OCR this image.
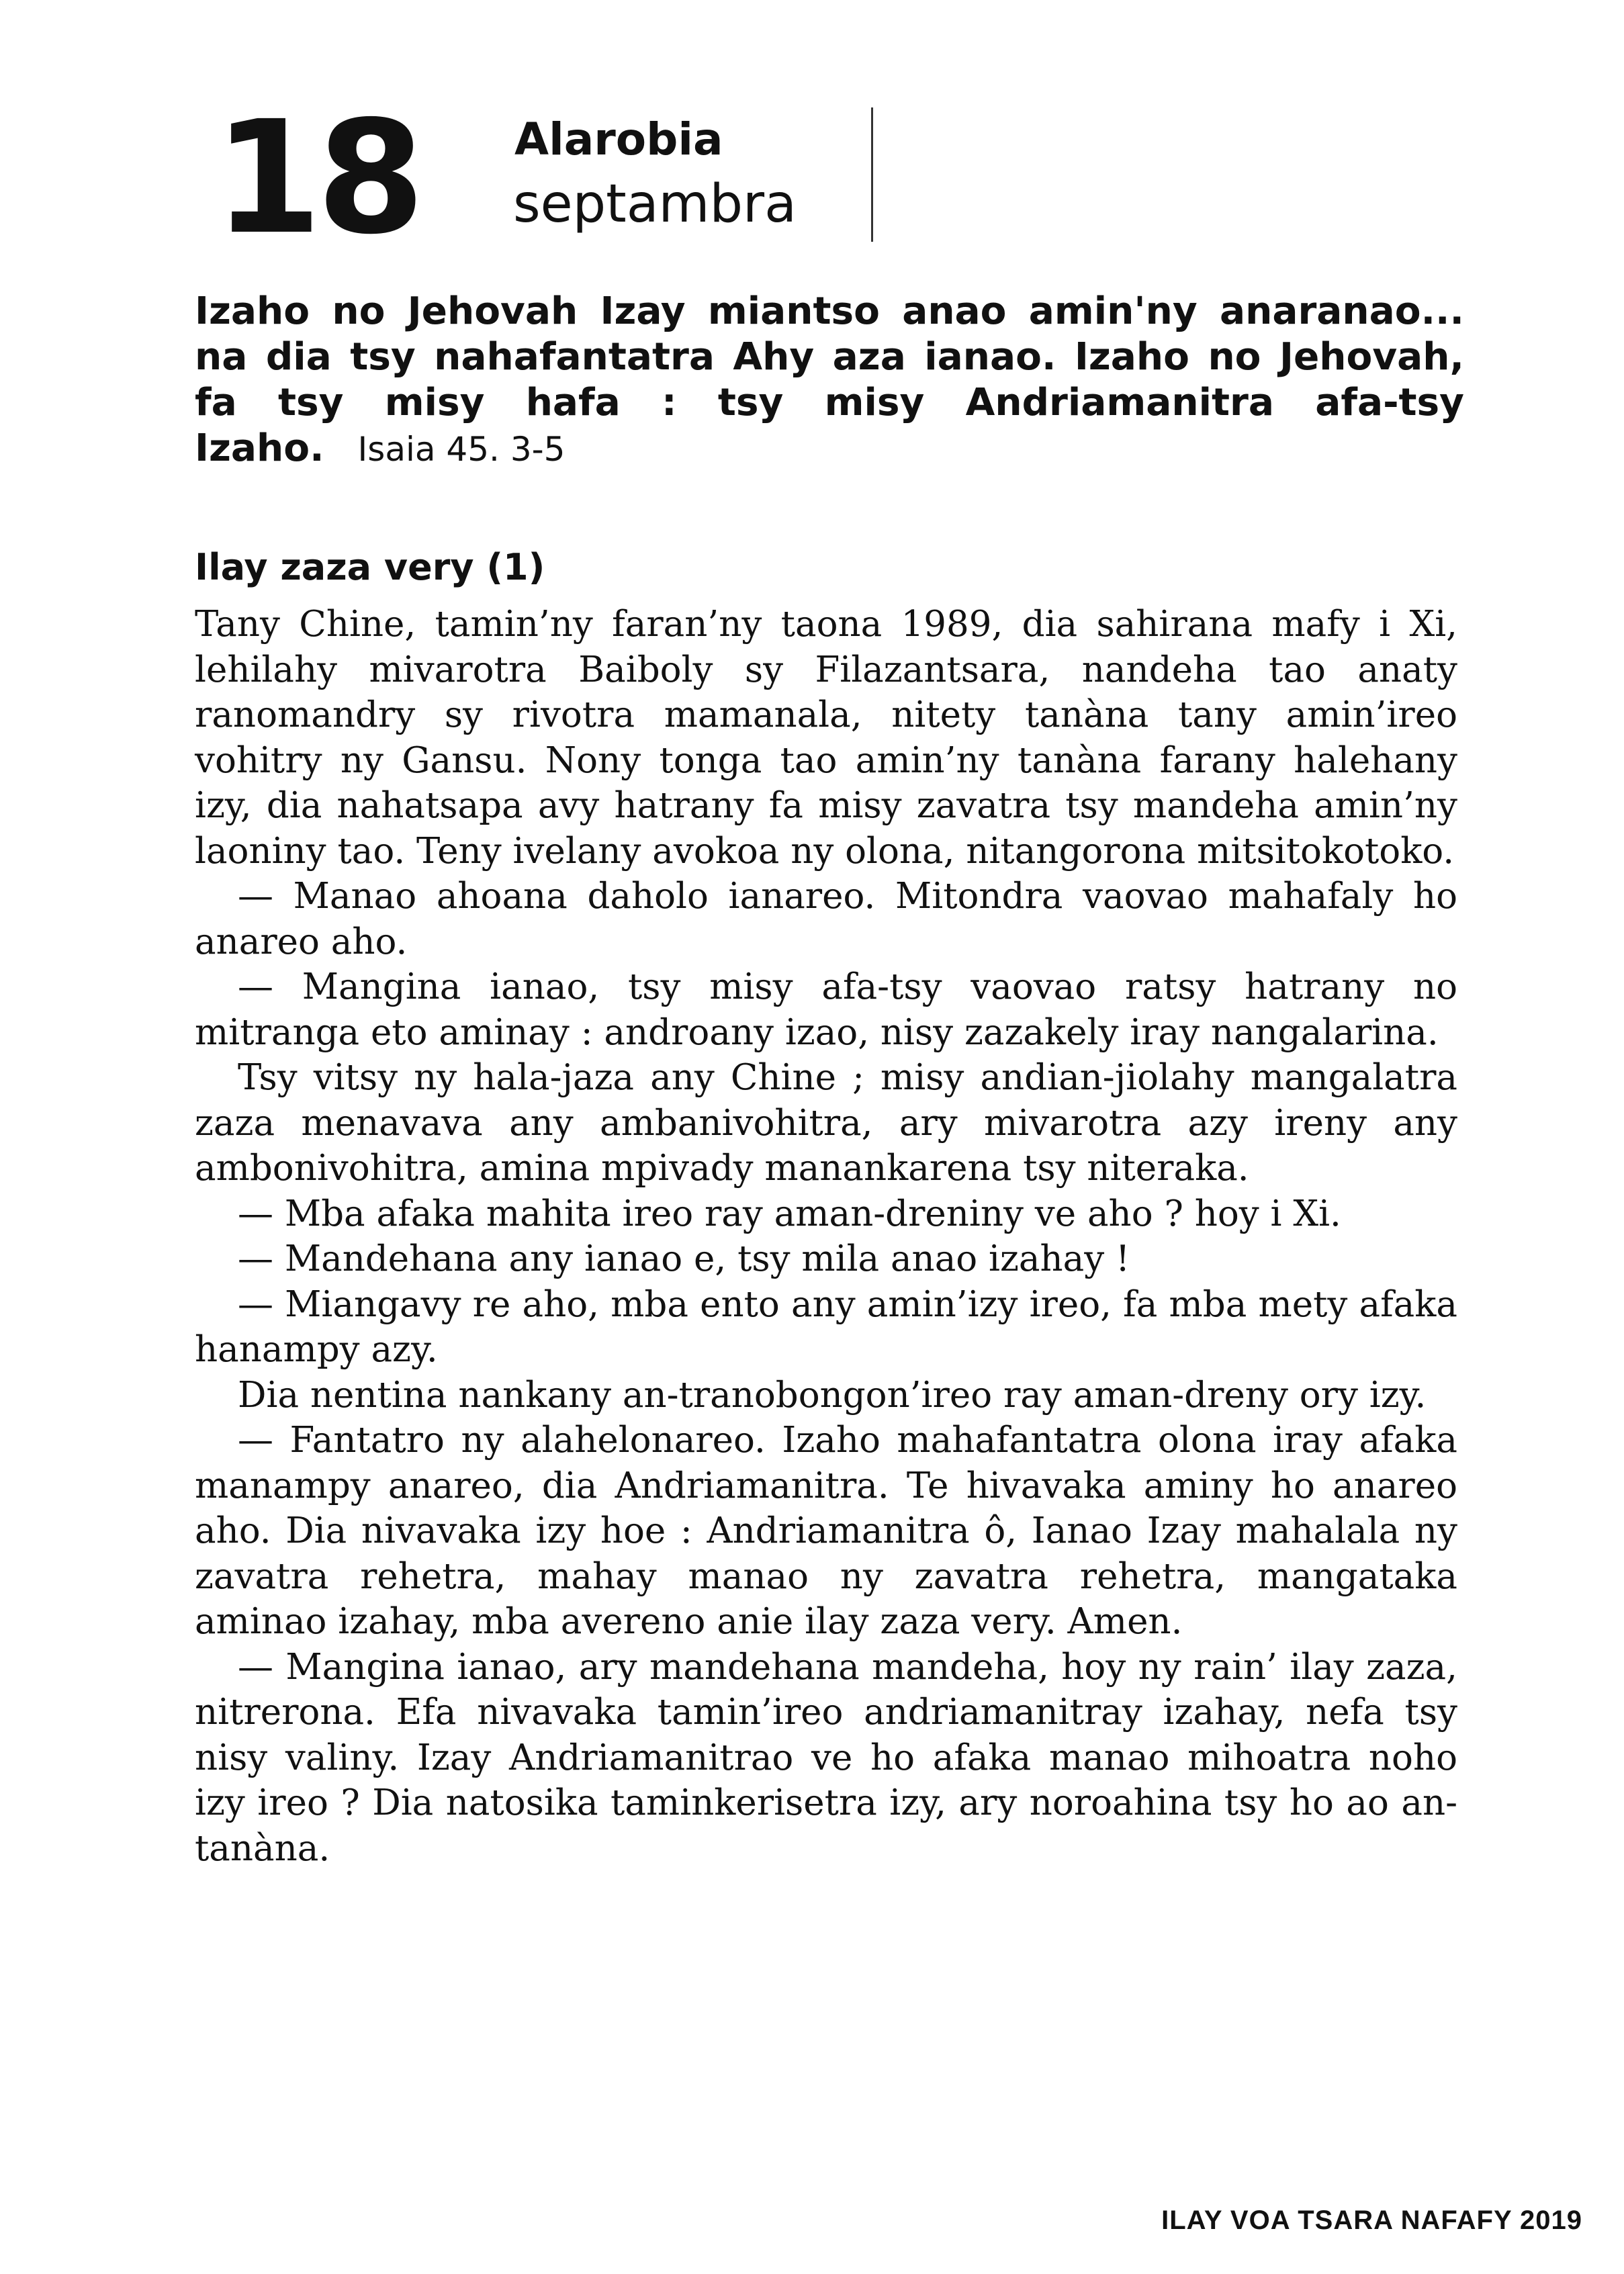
18 Alarobia
septambra
Izaho no Jehovah Izay miantso anao amin'ny anaranao... na dia tsy nahafantatra Ahy aza ianao. Izaho no Jehovah, fa tsy misy hafa : tsy misy Andriamanitra afa-tsy Izaho. Isaia 45. 3-5
Ilay zaza very (1)

Tany Chine, tamin’ny faran’ny taona 1989, dia sahirana mafy i Xi, lehilahy mivarotra Baiboly sy Filazantsara, nandeha tao anaty ranomandry sy rivotra mamanala, nitety tanàna tany amin’ireo vohitry ny Gansu. Nony tonga tao amin’ny tanàna farany halehany izy, dia nahatsapa avy hatrany fa misy zavatra tsy mandeha amin’ny laoniny tao. Teny ivelany avokoa ny olona, nitangorona mitsitokotoko.

— Manao ahoana daholo ianareo. Mitondra vaovao mahafaly ho anareo aho.

— Mangina ianao, tsy misy afa-tsy vaovao ratsy hatrany no mitranga eto aminay : androany izao, nisy zazakely iray nangalarina.

Tsy vitsy ny hala-jaza any Chine ; misy andian-jiolahy mangalatra zaza menavava any ambanivohitra, ary mivarotra azy ireny any ambonivohitra, amina mpivady manankarena tsy niteraka.

— Mba afaka mahita ireo ray aman-dreniny ve aho ? hoy i Xi.

— Mandehana any ianao e, tsy mila anao izahay !

— Miangavy re aho, mba ento any amin’izy ireo, fa mba mety afaka hanampy azy.

Dia nentina nankany an-tranobongon’ireo ray aman-dreny ory izy.

— Fantatro ny alahelonareo. Izaho mahafantatra olona iray afaka manampy anareo, dia Andriamanitra. Te hivavaka aminy ho anareo aho. Dia nivavaka izy hoe : Andriamanitra ô, Ianao Izay mahalala ny zavatra rehetra, mahay manao ny zavatra rehetra, mangataka aminao izahay, mba avereno anie ilay zaza very. Amen.

— Mangina ianao, ary mandehana mandeha, hoy ny rain’ ilay zaza, nitrerona. Efa nivavaka tamin’ireo andriamanitray izahay, nefa tsy nisy valiny. Izay Andriamanitrao ve ho afaka manao mihoatra noho izy ireo ? Dia natosika taminkerisetra izy, ary noroahina tsy ho ao an-tanàna.

ILAY VOA TSARA NAFAFY 2019
